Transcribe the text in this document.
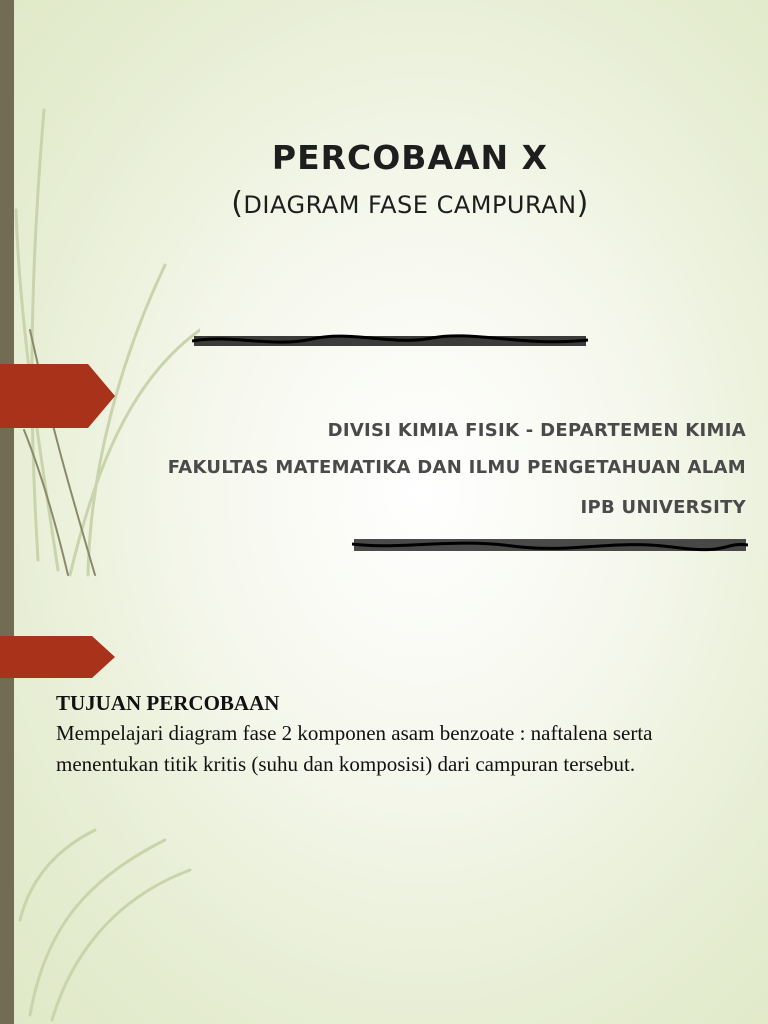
PERCOBAAN X
(DIAGRAM FASE CAMPURAN)
DIVISI KIMIA FISIK - DEPARTEMEN KIMIA
FAKULTAS MATEMATIKA DAN ILMU PENGETAHUAN ALAM
IPB UNIVERSITY
TUJUAN PERCOBAAN

Mempelajari diagram fase 2 komponen asam benzoate : naftalena serta menentukan titik kritis (suhu dan komposisi) dari campuran tersebut.
